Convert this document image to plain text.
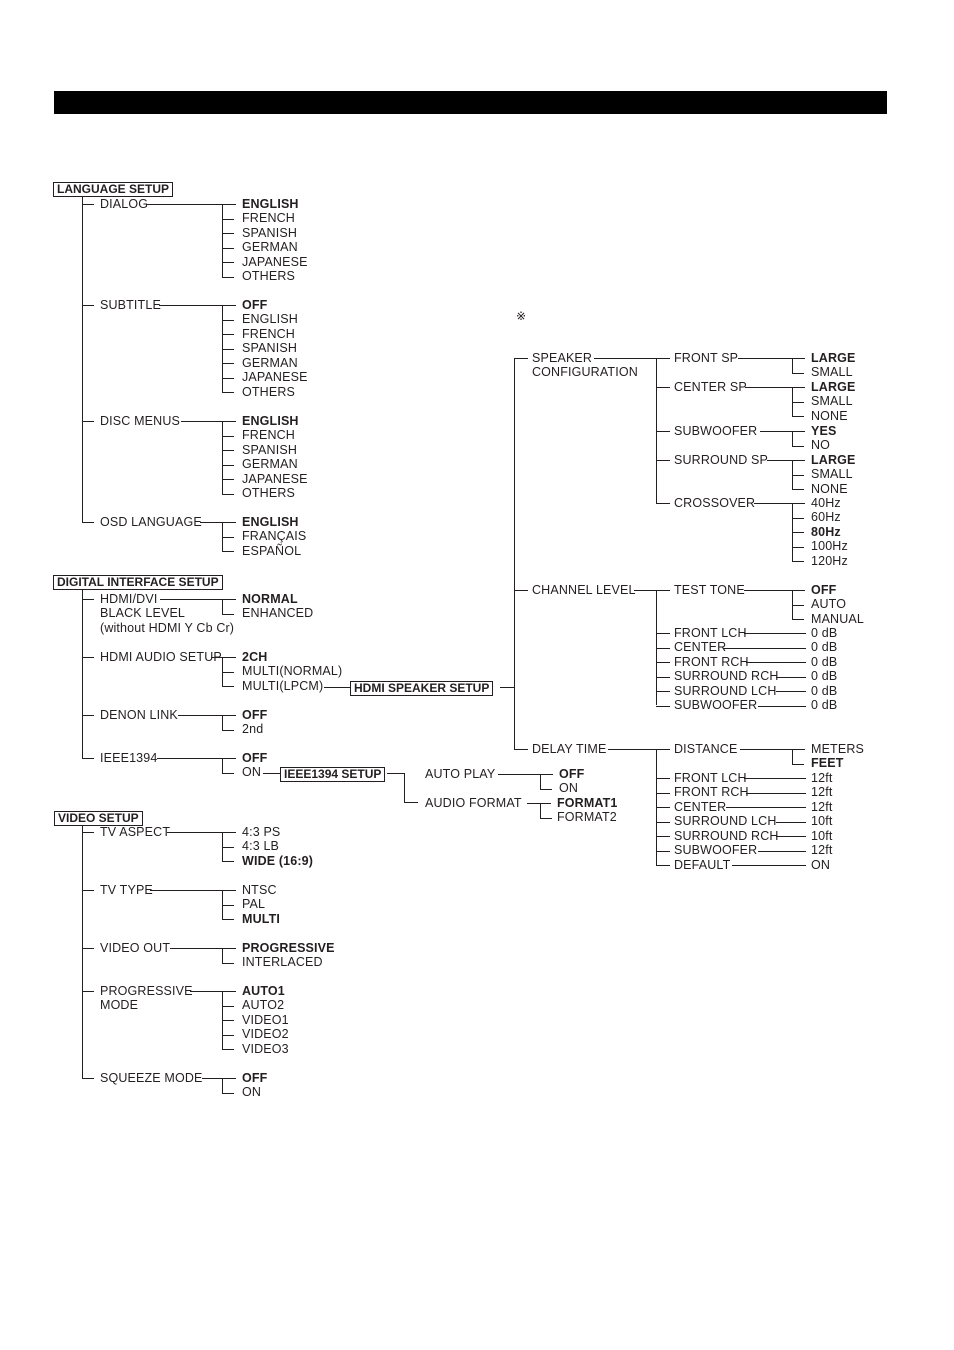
※
LANGUAGE SETUP
DIALOG	ENGLISH
FRENCH
SPANISH
GERMAN
JAPANESE
OTHERS
SUBTITLE	OFF
ENGLISH
FRENCH
SPANISH
GERMAN
JAPANESE
OTHERS
DISC MENUS	ENGLISH
FRENCH
SPANISH
GERMAN
JAPANESE
OTHERS
OSD LANGUAGE	ENGLISH
FRANÇAIS
ESPAÑOL
DIGITAL INTERFACE SETUP
HDMI/DVI
BLACK LEVEL
(without HDMI Y Cb Cr)
NORMAL
ENHANCED
HDMI AUDIO SETUP 2CH
MULTI(NORMAL)
MULTI(LPCM)
DENON LINK	OFF
2nd
IEEE1394	OFF
ON	IEEE1394 SETUP	AUTO PLAY	OFF
ON
AUDIO FORMAT	FORMAT1
FORMAT2
HDMI SPEAKER SETUP
SPEAKER
CONFIGURATION
FRONT SP	LARGE
SMALL
CENTER SP	LARGE
SMALL
NONE
SUBWOOFER	YES
NO
SURROUND SP	LARGE
SMALL
NONE
CROSSOVER	40Hz
60Hz
80Hz
100Hz
120Hz
CHANNEL LEVEL	TEST TONE	OFF
AUTO
MANUAL
FRONT LCH	0 dB
CENTER	0 dB
FRONT RCH	0 dB
SURROUND RCH	0 dB
SURROUND LCH	0 dB
SUBWOOFER	0 dB
DELAY TIME	DISTANCE	METERS
FEET
FRONT LCH	12ft
FRONT RCH	12ft
CENTER	12ft
SURROUND LCH	10ft
SURROUND RCH	10ft
SUBWOOFER	12ft
DEFAULT	ON
VIDEO SETUP
TV ASPECT	4:3 PS
4:3 LB
WIDE (16:9)
TV TYPE	NTSC
PAL
MULTI
VIDEO OUT	PROGRESSIVE
INTERLACED
SQUEEZE MODE	OFF
ON
PROGRESSIVE
MODE
AUTO1
AUTO2
VIDEO1
VIDEO2
VIDEO3
